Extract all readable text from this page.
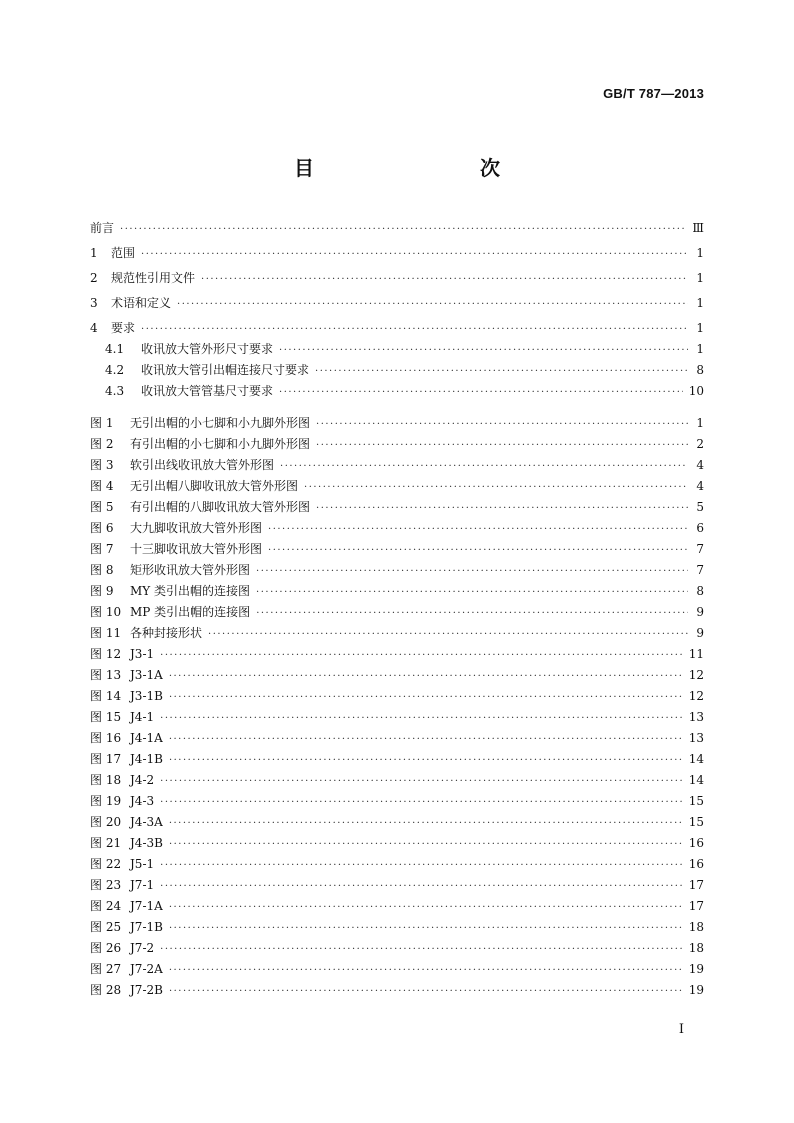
GB/T 787—2013
目　　次
前言 ·····	Ⅲ
1	范围 ·····	1
2	规范性引用文件 ·····	1
3	术语和定义 ·····	1
4	要求 ·····	1
4.1	收讯放大管外形尺寸要求 ·····	1
4.2	收讯放大管引出帽连接尺寸要求 ·····	8
4.3	收讯放大管管基尺寸要求 ·····	10
图 1	无引出帽的小七脚和小九脚外形图 ·····	1
图 2	有引出帽的小七脚和小九脚外形图 ·····	2
图 3	软引出线收讯放大管外形图 ·····	4
图 4	无引出帽八脚收讯放大管外形图 ·····	4
图 5	有引出帽的八脚收讯放大管外形图 ·····	5
图 6	大九脚收讯放大管外形图 ·····	6
图 7	十三脚收讯放大管外形图 ·····	7
图 8	矩形收讯放大管外形图 ·····	7
图 9	MY 类引出帽的连接图 ·····	8
图 10 MP 类引出帽的连接图 ·····	9
图 11 各种封接形状 ·····	9
图 12 J3-1 ·····	11
图 13 J3-1A ·····	12
图 14 J3-1B ·····	12
图 15 J4-1 ·····	13
图 16 J4-1A ·····	13
图 17 J4-1B ·····	14
图 18 J4-2 ·····	14
图 19 J4-3 ·····	15
图 20 J4-3A ·····	15
图 21 J4-3B ·····	16
图 22 J5-1 ·····	16
图 23 J7-1 ·····	17
图 24 J7-1A ·····	17
图 25 J7-1B ·····	18
图 26 J7-2 ·····	18
图 27 J7-2A ·····	19
图 28 J7-2B ·····	19
I
